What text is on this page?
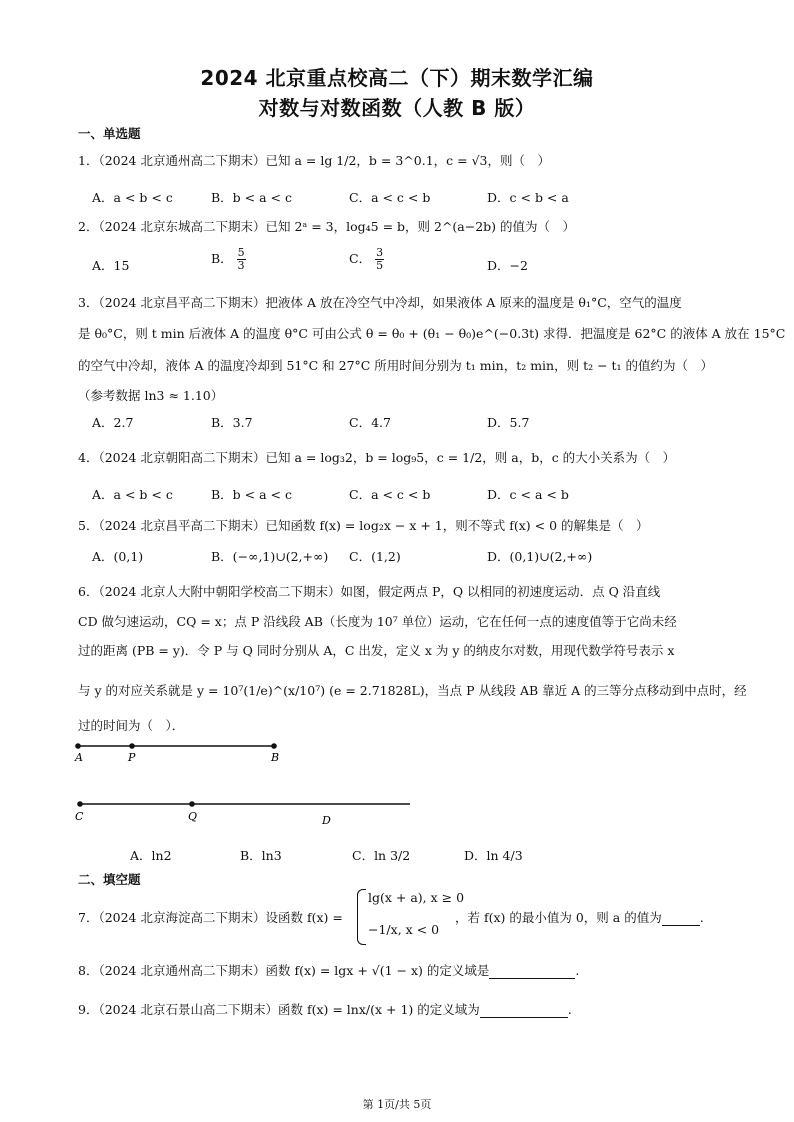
2024 北京重点校高二（下）期末数学汇编
对数与对数函数（人教 B 版）
一、单选题
1．（2024 北京通州高二下期末）已知 a = lg 1/2，b = 3^0.1，c = √3，则（　）
A．a < b < c	B．b < a < c	C．a < c < b	D．c < b < a
2．（2024 北京东城高二下期末）已知 2ᵃ = 3，log₄5 = b，则 2^(a−2b) 的值为（　）
A．15	B． $\frac{5}{3}$	C． $\frac{3}{5}$	D．−2
3．（2024 北京昌平高二下期末）把液体 A 放在冷空气中冷却，如果液体 A 原来的温度是 θ₁°C，空气的温度
是 θ₀°C，则 t min 后液体 A 的温度 θ°C 可由公式 θ = θ₀ + (θ₁ − θ₀)e^(−0.3t) 求得．把温度是 62°C 的液体 A 放在 15°C
的空气中冷却，液体 A 的温度冷却到 51°C 和 27°C 所用时间分别为 t₁ min，t₂ min，则 t₂ − t₁ 的值约为（　）
（参考数据 ln3 ≈ 1.10）
A．2.7	B．3.7	C．4.7	D．5.7
4．（2024 北京朝阳高二下期末）已知 a = log₃2，b = log₉5，c = 1/2，则 a，b，c 的大小关系为（　）
A．a < b < c	B．b < a < c	C．a < c < b	D．c < a < b
5．（2024 北京昌平高二下期末）已知函数 f(x) = log₂x − x + 1，则不等式 f(x) < 0 的解集是（　）
A．(0,1)	B．(−∞,1)∪(2,+∞) C．(1,2)	D．(0,1)∪(2,+∞)
6．（2024 北京人大附中朝阳学校高二下期末）如图，假定两点 P，Q 以相同的初速度运动．点 Q 沿直线
CD 做匀速运动，CQ = x；点 P 沿线段 AB（长度为 10⁷ 单位）运动，它在任何一点的速度值等于它尚未经
过的距离 (PB = y)．令 P 与 Q 同时分别从 A，C 出发，定义 x 为 y 的纳皮尔对数，用现代数学符号表示 x
与 y 的对应关系就是 y = 10⁷(1/e)^(x/10⁷) (e = 2.71828L)，当点 P 从线段 AB 靠近 A 的三等分点移动到中点时，经
过的时间为（　）．
A	P	B
C	Q	D
A．ln2	B．ln3	C．ln 3/2	D．ln 4/3
二、填空题
7．（2024 北京海淀高二下期末）设函数 f(x) =
lg(x + a), x ≥ 0
−1/x, x < 0
，若 f(x) 的最小值为 0，则 a 的值为	.
8．（2024 北京通州高二下期末）函数 f(x) = lgx + √(1 − x) 的定义域是	.
9．（2024 北京石景山高二下期末）函数 f(x) = lnx/(x + 1) 的定义域为	.
第 1页/共 5页
